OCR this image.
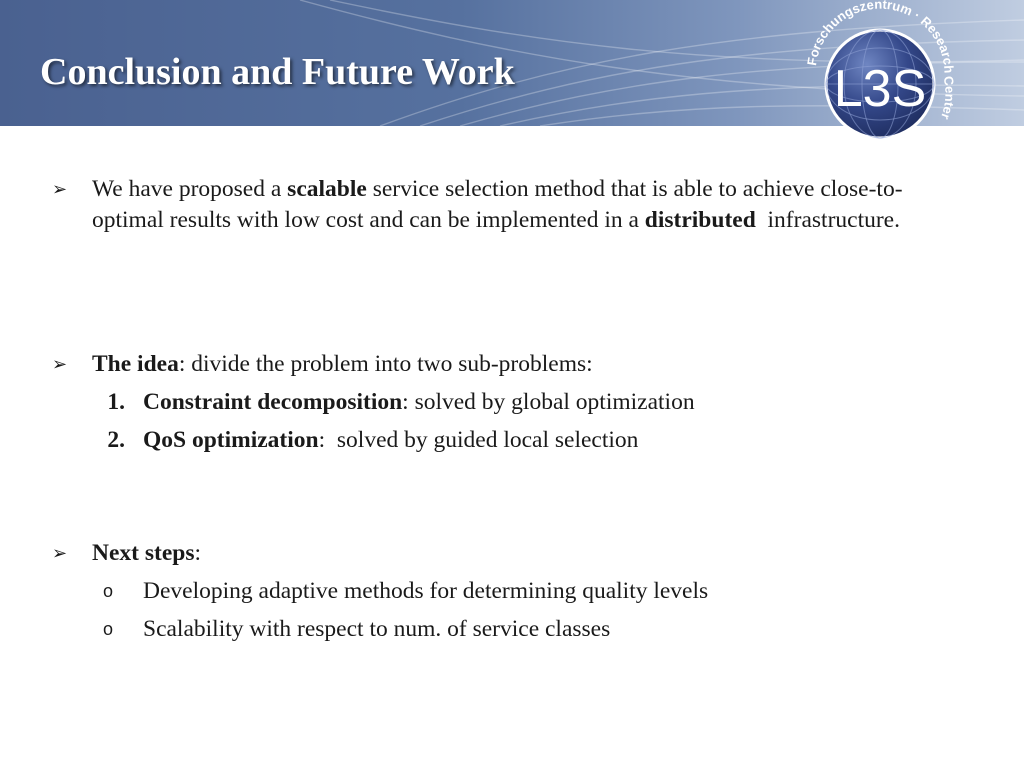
Conclusion and Future Work	L3S
Forschungszentrum · Research Center
➢ We have proposed a scalable service selection method that is able to achieve close-to-optimal results with low cost and can be implemented in a distributed  infrastructure.
➢ The idea: divide the problem into two sub-problems:
1. Constraint decomposition: solved by global optimization
2. QoS optimization:  solved by guided local selection
➢ Next steps:
o Developing adaptive methods for determining quality levels
o Scalability with respect to num. of service classes
